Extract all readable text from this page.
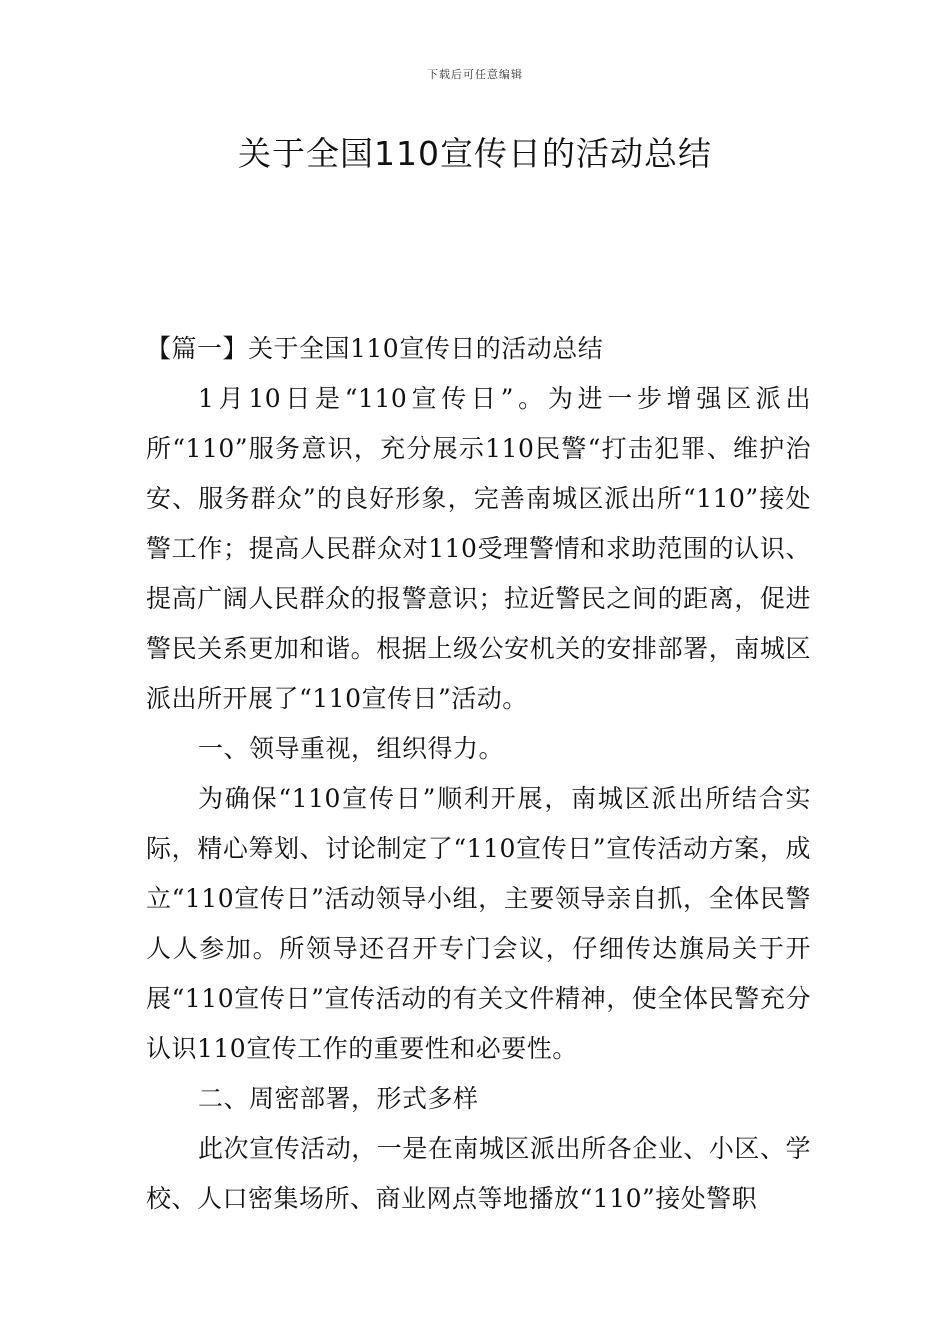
下载后可任意编辑
关于全国110宣传日的活动总结

【篇一】关于全国110宣传日的活动总结

1月10日是“110宣传日”。为进一步增强区派出所“110”服务意识，充分展示110民警“打击犯罪、维护治安、服务群众”的良好形象，完善南城区派出所“110”接处警工作；提高人民群众对110受理警情和求助范围的认识、提高广阔人民群众的报警意识；拉近警民之间的距离，促进警民关系更加和谐。根据上级公安机关的安排部署，南城区派出所开展了“110宣传日”活动。

一、领导重视，组织得力。

为确保“110宣传日”顺利开展，南城区派出所结合实际，精心筹划、讨论制定了“110宣传日”宣传活动方案，成立“110宣传日”活动领导小组，主要领导亲自抓，全体民警人人参加。所领导还召开专门会议，仔细传达旗局关于开展“110宣传日”宣传活动的有关文件精神，使全体民警充分认识110宣传工作的重要性和必要性。

二、周密部署，形式多样

此次宣传活动，一是在南城区派出所各企业、小区、学校、人口密集场所、商业网点等地播放“110”接处警职
